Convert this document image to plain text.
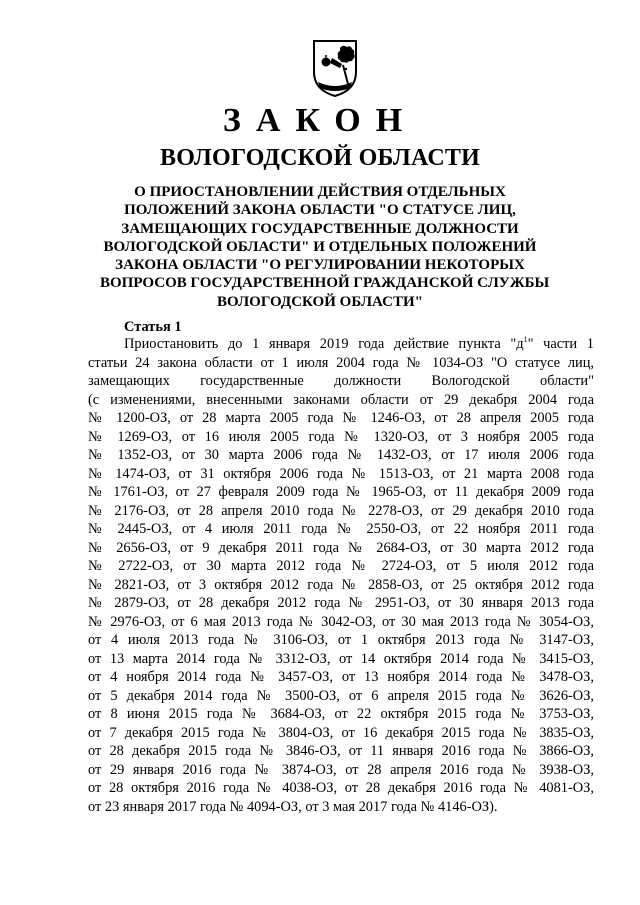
ЗАКОН
ВОЛОГОДСКОЙ ОБЛАСТИ
О ПРИОСТАНОВЛЕНИИ ДЕЙСТВИЯ ОТДЕЛЬНЫХ
ПОЛОЖЕНИЙ ЗАКОНА ОБЛАСТИ "О СТАТУСЕ ЛИЦ,
ЗАМЕЩАЮЩИХ ГОСУДАРСТВЕННЫЕ ДОЛЖНОСТИ
ВОЛОГОДСКОЙ ОБЛАСТИ" И ОТДЕЛЬНЫХ ПОЛОЖЕНИЙ
ЗАКОНА ОБЛАСТИ "О РЕГУЛИРОВАНИИ НЕКОТОРЫХ
ВОПРОСОВ ГОСУДАРСТВЕННОЙ ГРАЖДАНСКОЙ СЛУЖБЫ
ВОЛОГОДСКОЙ ОБЛАСТИ"
Статья 1
Приостановить до 1 января 2019 года действие пункта "$д^1$" части 1
статьи 24 закона области от 1 июля 2004 года № 1034-ОЗ "О статусе лиц,
замещающих государственные должности Вологодской области"
(с изменениями, внесенными законами области от 29 декабря 2004 года
№ 1200-ОЗ, от 28 марта 2005 года № 1246-ОЗ, от 28 апреля 2005 года
№ 1269-ОЗ, от 16 июля 2005 года № 1320-ОЗ, от 3 ноября 2005 года
№ 1352-ОЗ, от 30 марта 2006 года № 1432-ОЗ, от 17 июля 2006 года
№ 1474-ОЗ, от 31 октября 2006 года № 1513-ОЗ, от 21 марта 2008 года
№ 1761-ОЗ, от 27 февраля 2009 года № 1965-ОЗ, от 11 декабря 2009 года
№ 2176-ОЗ, от 28 апреля 2010 года № 2278-ОЗ, от 29 декабря 2010 года
№ 2445-ОЗ, от 4 июля 2011 года № 2550-ОЗ, от 22 ноября 2011 года
№ 2656-ОЗ, от 9 декабря 2011 года № 2684-ОЗ, от 30 марта 2012 года
№ 2722-ОЗ, от 30 марта 2012 года № 2724-ОЗ, от 5 июля 2012 года
№ 2821-ОЗ, от 3 октября 2012 года № 2858-ОЗ, от 25 октября 2012 года
№ 2879-ОЗ, от 28 декабря 2012 года № 2951-ОЗ, от 30 января 2013 года
№ 2976-ОЗ, от 6 мая 2013 года № 3042-ОЗ, от 30 мая 2013 года № 3054-ОЗ,
от 4 июля 2013 года № 3106-ОЗ, от 1 октября 2013 года № 3147-ОЗ,
от 13 марта 2014 года № 3312-ОЗ, от 14 октября 2014 года № 3415-ОЗ,
от 4 ноября 2014 года № 3457-ОЗ, от 13 ноября 2014 года № 3478-ОЗ,
от 5 декабря 2014 года № 3500-ОЗ, от 6 апреля 2015 года № 3626-ОЗ,
от 8 июня 2015 года № 3684-ОЗ, от 22 октября 2015 года № 3753-ОЗ,
от 7 декабря 2015 года № 3804-ОЗ, от 16 декабря 2015 года № 3835-ОЗ,
от 28 декабря 2015 года № 3846-ОЗ, от 11 января 2016 года № 3866-ОЗ,
от 29 января 2016 года № 3874-ОЗ, от 28 апреля 2016 года № 3938-ОЗ,
от 28 октября 2016 года № 4038-ОЗ, от 28 декабря 2016 года № 4081-ОЗ,
от 23 января 2017 года № 4094-ОЗ, от 3 мая 2017 года № 4146-ОЗ).
